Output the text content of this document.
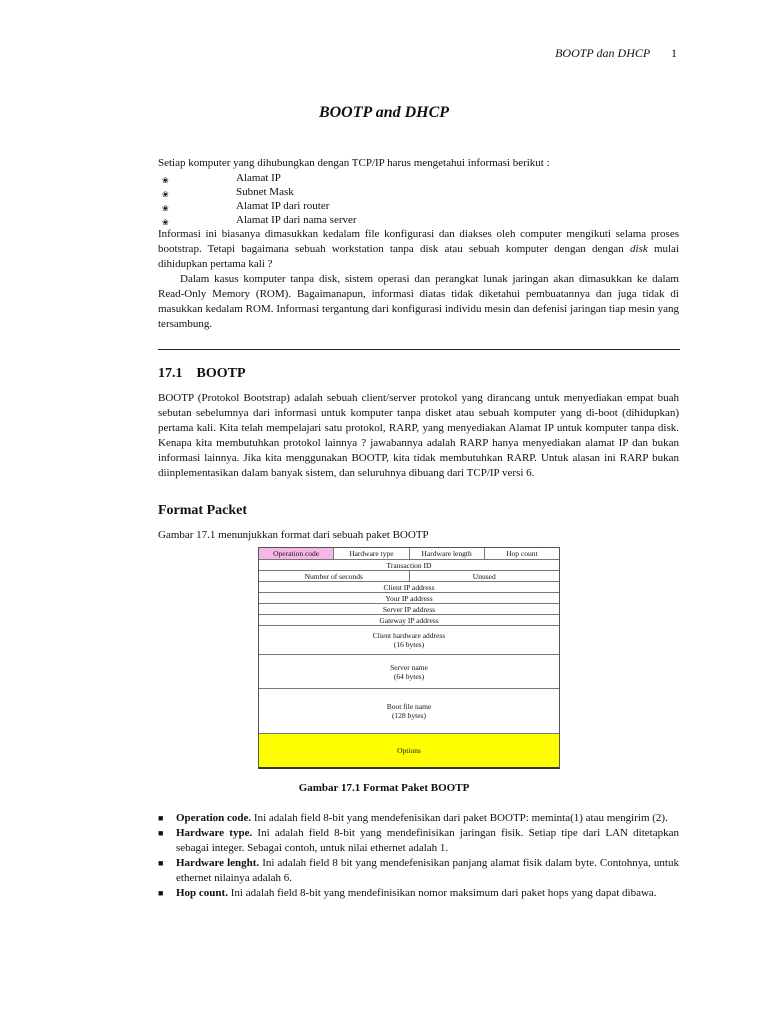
BOOTP dan DHCP 1
BOOTP and DHCP
Setiap komputer yang dihubungkan dengan TCP/IP harus mengetahui informasi berikut :
❀	Alamat IP
❀	Subnet Mask
❀	Alamat IP dari router
❀	Alamat IP dari nama server
Informasi ini biasanya dimasukkan kedalam file konfigurasi dan diakses oleh computer mengikuti selama proses bootstrap. Tetapi bagaimana sebuah workstation tanpa disk atau sebuah komputer dengan dengan disk mulai dihidupkan pertama kali ?
Dalam kasus komputer tanpa disk, sistem operasi dan perangkat lunak jaringan akan dimasukkan ke dalam Read-Only Memory (ROM). Bagaimanapun, informasi diatas tidak diketahui pembuatannya dan juga tidak di masukkan kedalam ROM. Informasi tergantung dari konfigurasi individu mesin dan defenisi jaringan tiap mesin yang tersambung.
17.1 BOOTP
BOOTP (Protokol Bootstrap) adalah sebuah client/server protokol yang dirancang untuk menyediakan empat buah sebutan sebelumnya dari informasi untuk komputer tanpa disket atau sebuah komputer yang di-boot (dihidupkan) pertama kali. Kita telah mempelajari satu protokol, RARP, yang menyediakan Alamat IP untuk komputer tanpa disk. Kenapa kita membutuhkan protokol lainnya ? jawabannya adalah RARP hanya menyediakan alamat IP dan bukan informasi lainnya. Jika kita menggunakan BOOTP, kita tidak membutuhkan RARP. Untuk alasan ini RARP bukan diinplementasikan dalam banyak sistem, dan seluruhnya dibuang dari TCP/IP versi 6.
Format Packet
Gambar 17.1 menunjukkan format dari sebuah paket BOOTP
Operation code	Hardware type	Hardware length	Hop count
Transaction ID
Number of seconds	Unused
Client IP address
Your IP address
Server IP address
Gateway IP address
Client hardware address
(16 bytes)
Server name
(64 bytes)
Boot file name
(128 bytes)
Options
Gambar 17.1 Format Paket BOOTP
■ Operation code. Ini adalah field 8-bit yang mendefenisikan dari paket BOOTP: meminta(1) atau mengirim (2).
■ Hardware type. Ini adalah field 8-bit yang mendefinisikan jaringan fisik. Setiap tipe dari LAN ditetapkan sebagai integer. Sebagai contoh, untuk nilai ethernet adalah 1.
■ Hardware lenght. Ini adalah field 8 bit yang mendefenisikan panjang alamat fisik dalam byte. Contohnya, untuk ethernet nilainya adalah 6.
■ Hop count. Ini adalah field 8-bit yang mendefinisikan nomor maksimum dari paket hops yang dapat dibawa.
